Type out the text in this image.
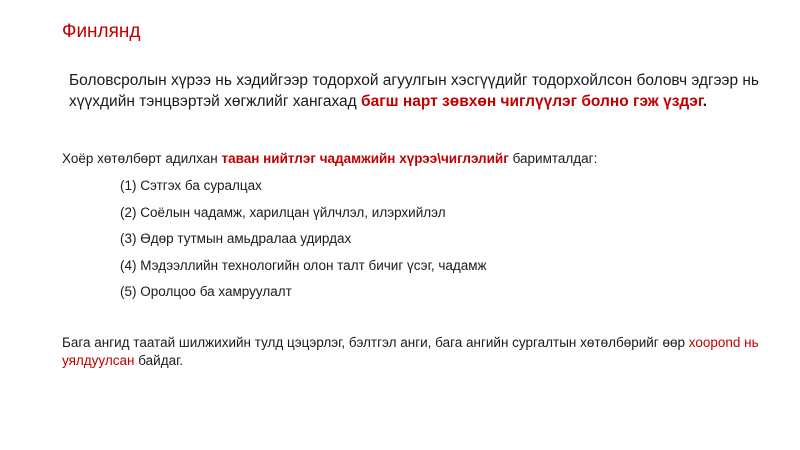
Финлянд

Боловсролын хүрээ нь хэдийгээр тодорхой агуулгын хэсгүүдийг тодорхойлсон боловч эдгээр нь хүүхдийн тэнцвэртэй хөгжлийг хангахад багш нарт зөвхөн чиглүүлэг болно гэж үздэг.

Хоёр хөтөлбөрт адилхан таван нийтлэг чадамжийн хүрээ\чиглэлийг баримталдаг:

(1) Сэтгэх ба суралцах
(2) Соёлын чадамж, харилцан үйлчлэл, илэрхийлэл
(3) Өдөр тутмын амьдралаа удирдах
(4) Мэдээллийн технологийн олон талт бичиг үсэг, чадамж
(5) Оролцоо ба хамруулалт

Бага ангид таатай шилжихийн тулд цэцэрлэг, бэлтгэл анги, бага ангийн сургалтын хөтөлбөрийг өөр хоороnd нь уялдуулсан байдаг.
